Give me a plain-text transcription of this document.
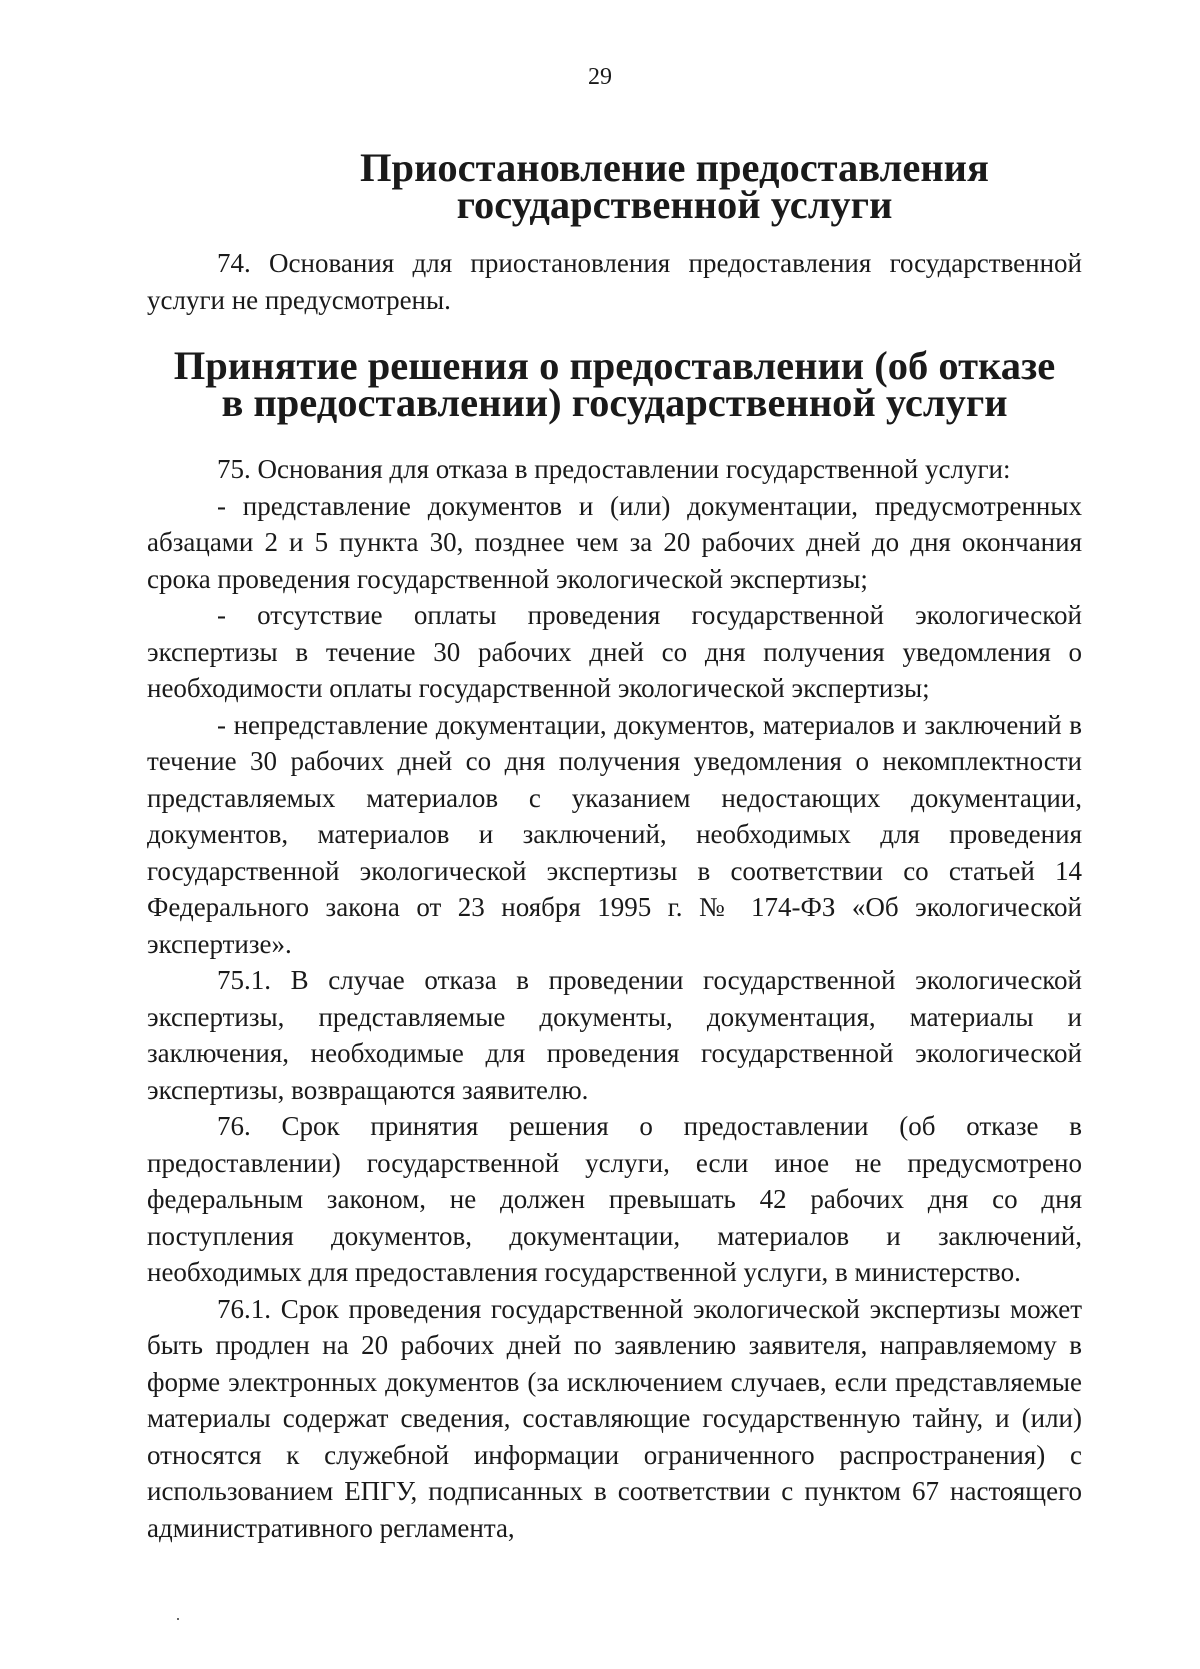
29
Приостановление предоставления государственной услуги

74. Основания для приостановления предоставления государственной услуги не предусмотрены.

Принятие решения о предоставлении (об отказе
в предоставлении) государственной услуги

75. Основания для отказа в предоставлении государственной услуги:

- представление документов и (или) документации, предусмотренных абзацами 2 и 5 пункта 30, позднее чем за 20 рабочих дней до дня окончания срока проведения государственной экологической экспертизы;

- отсутствие оплаты проведения государственной экологической экспертизы в течение 30 рабочих дней со дня получения уведомления о необходимости оплаты государственной экологической экспертизы;

- непредставление документации, документов, материалов и заключений в течение 30 рабочих дней со дня получения уведомления о некомплектности представляемых материалов с указанием недостающих документации, документов, материалов и заключений, необходимых для проведения государственной экологической экспертизы в соответствии со статьей 14 Федерального закона от 23 ноября 1995 г. № 174-ФЗ «Об экологической экспертизе».

75.1. В случае отказа в проведении государственной экологической экспертизы, представляемые документы, документация, материалы и заключения, необходимые для проведения государственной экологической экспертизы, возвращаются заявителю.

76. Срок принятия решения о предоставлении (об отказе в предоставлении) государственной услуги, если иное не предусмотрено федеральным законом, не должен превышать 42 рабочих дня со дня поступления документов, документации, материалов и заключений, необходимых для предоставления государственной услуги, в министерство.

76.1. Срок проведения государственной экологической экспертизы может быть продлен на 20 рабочих дней по заявлению заявителя, направляемому в форме электронных документов (за исключением случаев, если представляемые материалы содержат сведения, составляющие государственную тайну, и (или) относятся к служебной информации ограниченного распространения) с использованием ЕПГУ, подписанных в соответствии с пунктом 67 настоящего административного регламента,
